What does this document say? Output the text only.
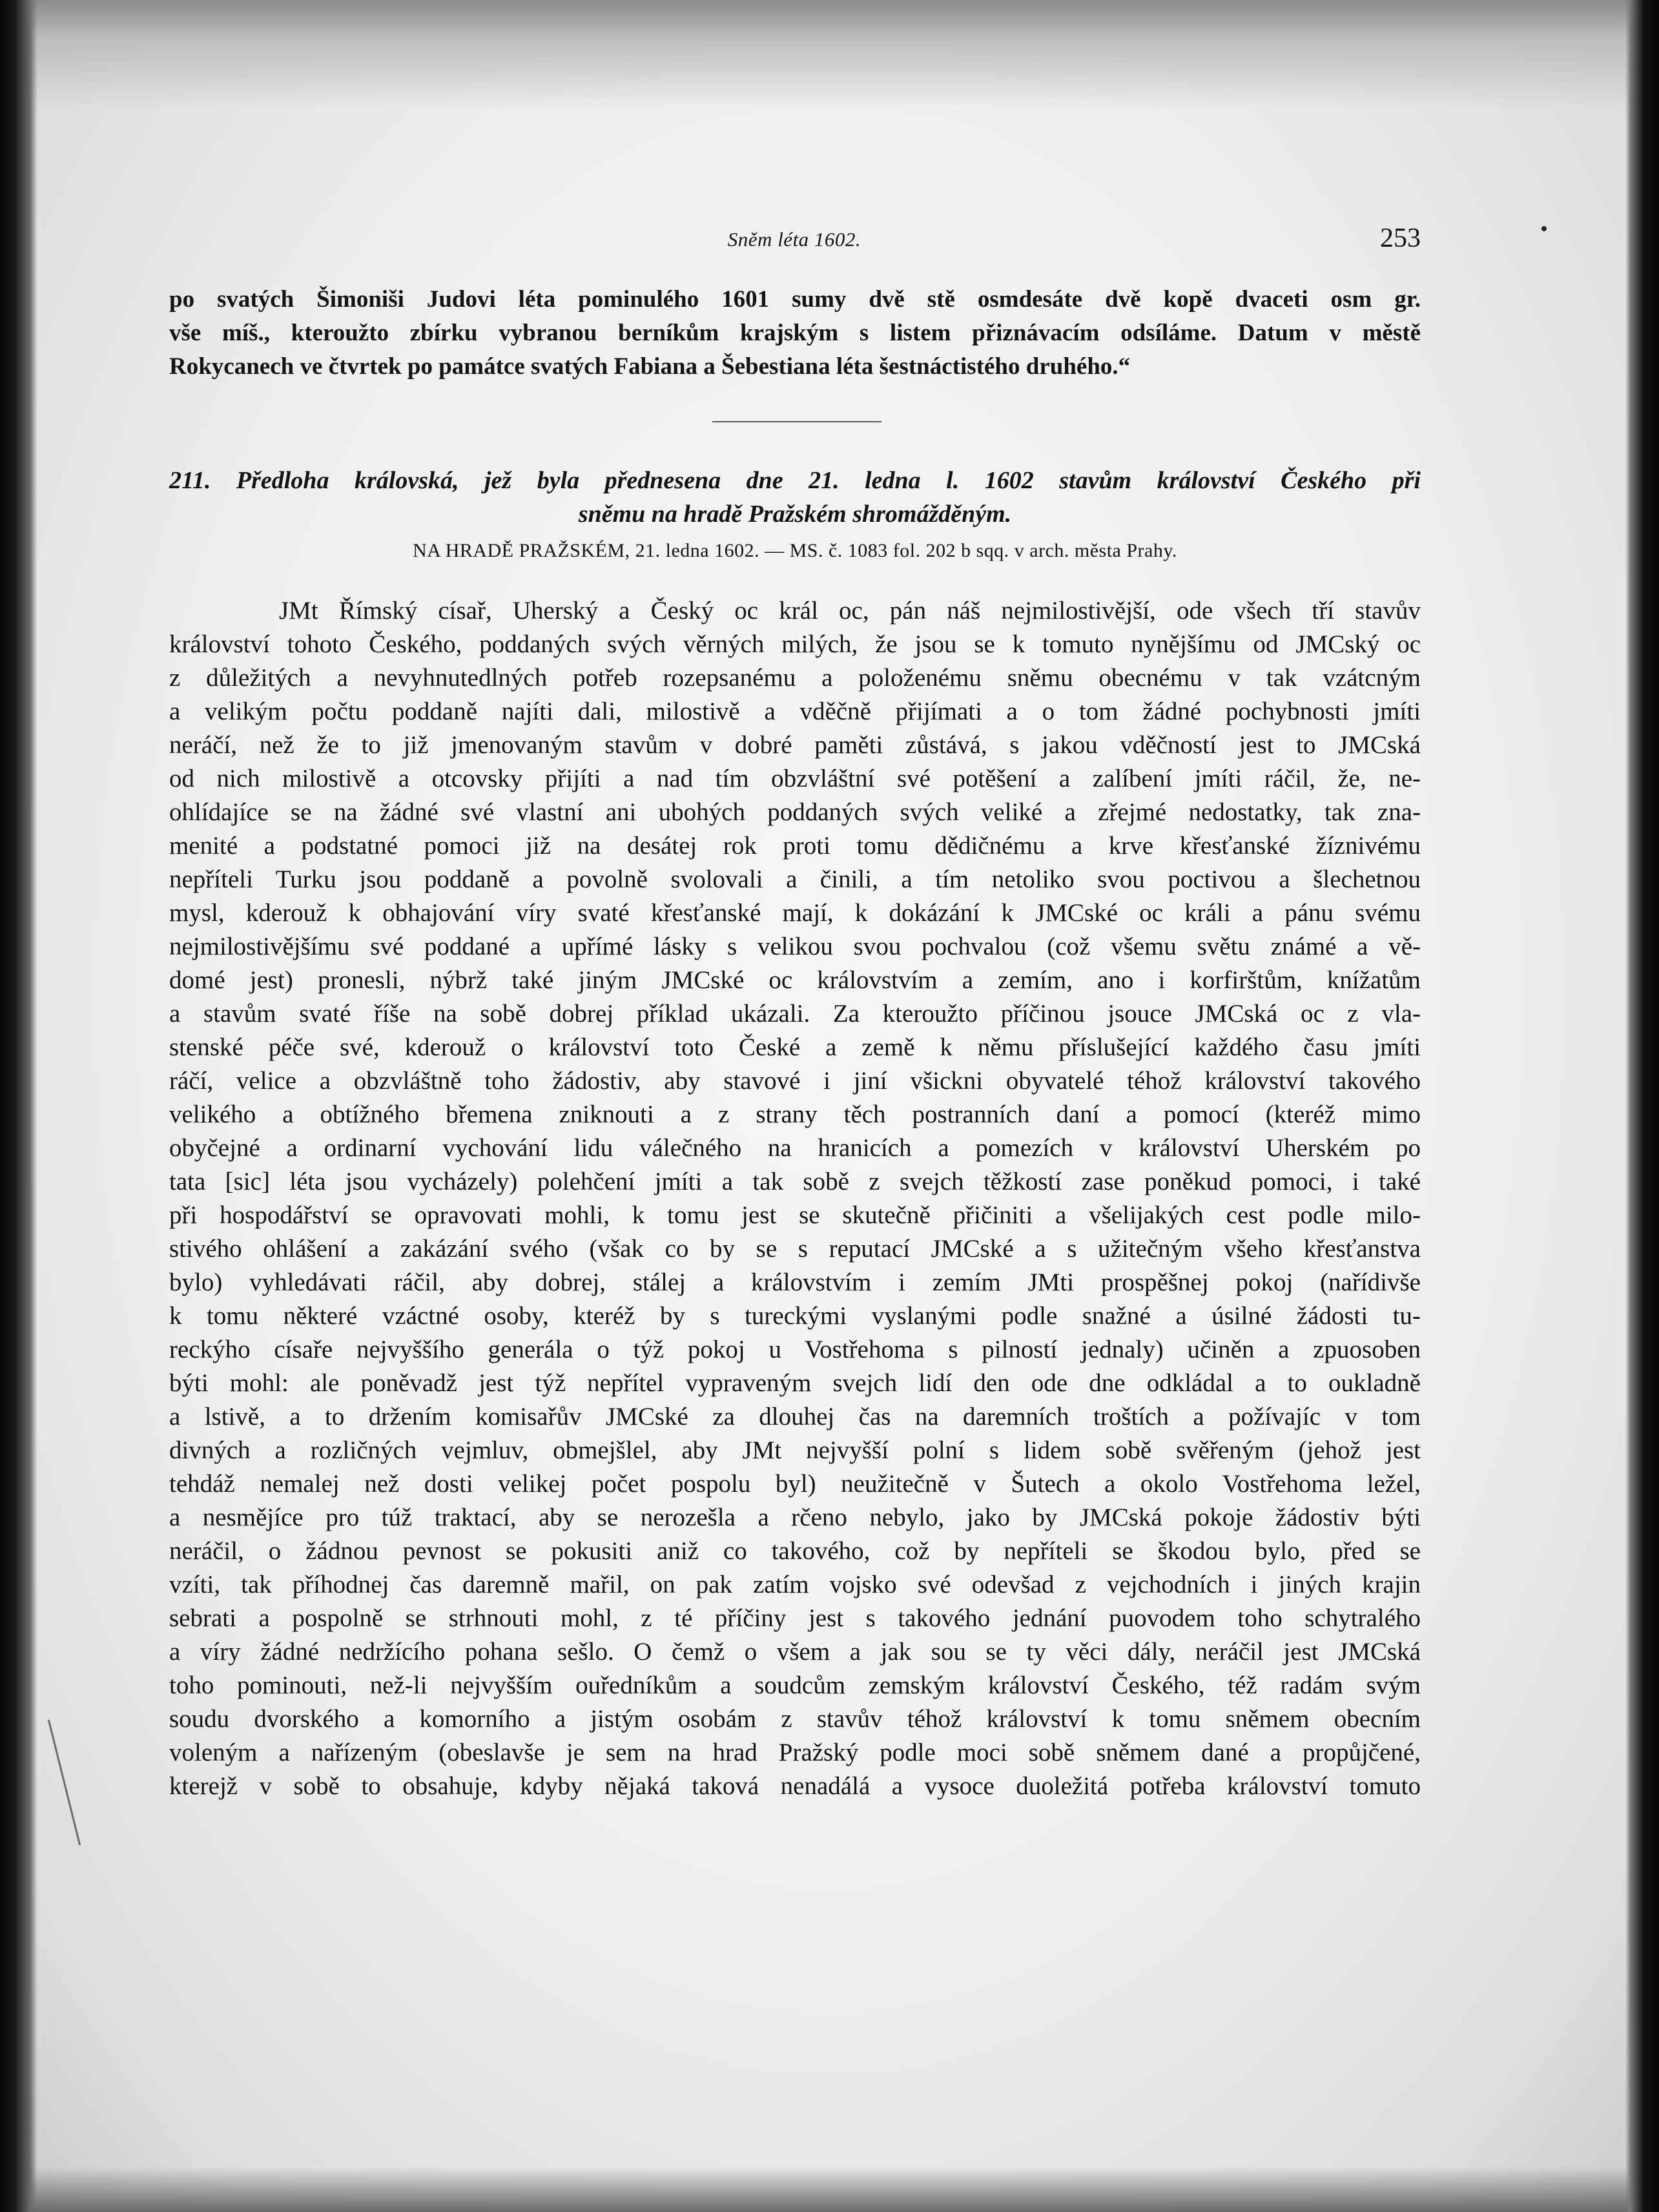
Sněm léta 1602.	253
po svatých Šimoniši Judovi léta pominulého 1601 sumy dvě stě osmdesáte dvě kopě dvaceti osm gr.
vše míš., kteroužto zbírku vybranou berníkům krajským s listem přiznávacím odsíláme. Datum v městě
Rokycanech ve čtvrtek po památce svatých Fabiana a Šebestiana léta šestnáctistého druhého.“
211. Předloha královská, jež byla přednesena dne 21. ledna l. 1602 stavům království Českého při
sněmu na hradě Pražském shromážděným.
NA HRADĚ PRAŽSKÉM, 21. ledna 1602. — MS. č. 1083 fol. 202 b sqq. v arch. města Prahy.
JMt Římský císař, Uherský a Český oc král oc, pán náš nejmilostivější, ode všech tří stavův
království tohoto Českého, poddaných svých věrných milých, že jsou se k tomuto nynějšímu od JMCský oc
z důležitých a nevyhnutedlných potřeb rozepsanému a položenému sněmu obecnému v tak vzátcným
a velikým počtu poddaně najíti dali, milostivě a vděčně přijímati a o tom žádné pochybnosti jmíti
neráčí, než že to již jmenovaným stavům v dobré paměti zůstává, s jakou vděčností jest to JMCská
od nich milostivě a otcovsky přijíti a nad tím obzvláštní své potěšení a zalíbení jmíti ráčil, že, ne-
ohlídajíce se na žádné své vlastní ani ubohých poddaných svých veliké a zřejmé nedostatky, tak zna-
menité a podstatné pomoci již na desátej rok proti tomu dědičnému a krve křesťanské žíznivému
nepříteli Turku jsou poddaně a povolně svolovali a činili, a tím netoliko svou poctivou a šlechetnou
mysl, kderouž k obhajování víry svaté křesťanské mají, k dokázání k JMCské oc králi a pánu svému
nejmilostivějšímu své poddané a upřímé lásky s velikou svou pochvalou (což všemu světu známé a vě-
domé jest) pronesli, nýbrž také jiným JMCské oc královstvím a zemím, ano i korfirštům, knížatům
a stavům svaté říše na sobě dobrej příklad ukázali. Za kteroužto příčinou jsouce JMCská oc z vla-
stenské péče své, kderouž o království toto České a země k němu příslušející každého času jmíti
ráčí, velice a obzvláštně toho žádostiv, aby stavové i jiní všickni obyvatelé téhož království takového
velikého a obtížného břemena zniknouti a z strany těch postranních daní a pomocí (kteréž mimo
obyčejné a ordinarní vychování lidu válečného na hranicích a pomezích v království Uherském po
tata [sic] léta jsou vycházely) polehčení jmíti a tak sobě z svejch těžkostí zase poněkud pomoci, i také
při hospodářství se opravovati mohli, k tomu jest se skutečně přičiniti a všelijakých cest podle milo-
stivého ohlášení a zakázání svého (však co by se s reputací JMCské a s užitečným všeho křesťanstva
bylo) vyhledávati ráčil, aby dobrej, stálej a královstvím i zemím JMti prospěšnej pokoj (nařídivše
k tomu některé vzáctné osoby, kteréž by s tureckými vyslanými podle snažné a úsilné žádosti tu-
reckýho císaře nejvyššího generála o týž pokoj u Vostřehoma s pilností jednaly) učiněn a zpuosoben
býti mohl: ale poněvadž jest týž nepřítel vypraveným svejch lidí den ode dne odkládal a to oukladně
a lstivě, a to držením komisařův JMCské za dlouhej čas na daremních troštích a požívajíc v tom
divných a rozličných vejmluv, obmejšlel, aby JMt nejvyšší polní s lidem sobě svěřeným (jehož jest
tehdáž nemalej než dosti velikej počet pospolu byl) neužitečně v Šutech a okolo Vostřehoma ležel,
a nesmějíce pro túž traktací, aby se nerozešla a rčeno nebylo, jako by JMCská pokoje žádostiv býti
neráčil, o žádnou pevnost se pokusiti aniž co takového, což by nepříteli se škodou bylo, před se
vzíti, tak příhodnej čas daremně mařil, on pak zatím vojsko své odevšad z vejchodních i jiných krajin
sebrati a pospolně se strhnouti mohl, z té příčiny jest s takového jednání puovodem toho schytralého
a víry žádné nedržícího pohana sešlo. O čemž o všem a jak sou se ty věci dály, neráčil jest JMCská
toho pominouti, než-li nejvyšším ouředníkům a soudcům zemským království Českého, též radám svým
soudu dvorského a komorního a jistým osobám z stavův téhož království k tomu sněmem obecním
voleným a nařízeným (obeslavše je sem na hrad Pražský podle moci sobě sněmem dané a propůjčené,
kterejž v sobě to obsahuje, kdyby nějaká taková nenadálá a vysoce duoležitá potřeba království tomuto
